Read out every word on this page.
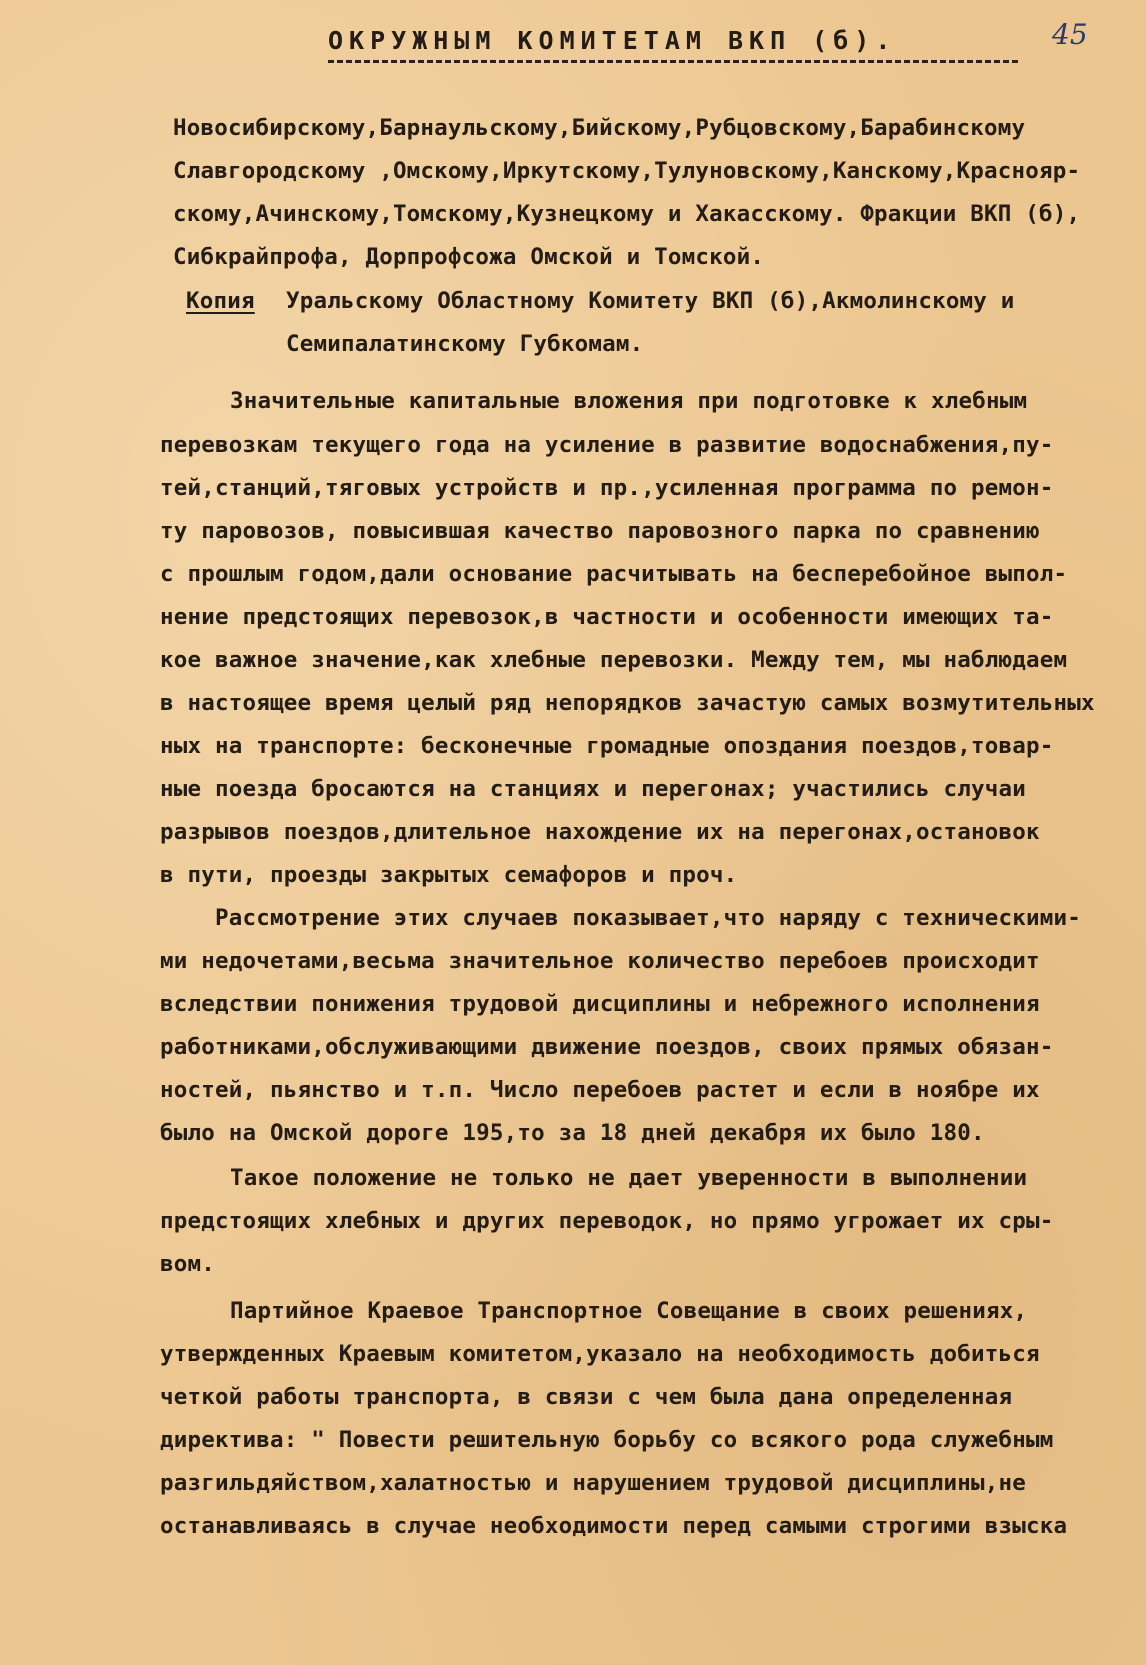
45
ОКРУЖНЫМ КОМИТЕТАМ ВКП (б).
Новосибирскому,Барнаульскому,Бийскому,Рубцовскому,Барабинскому
Славгородскому ,Омскому,Иркутскому,Тулуновскому,Канскому,Краснояр-
скому,Ачинскому,Томскому,Кузнецкому и Хакасскому. Фракции ВКП (б),
Сибкрайпрофа, Дорпрофсожа Омской и Томской.
Копия Уральскому Областному Комитету ВКП (б),Акмолинскому и
Семипалатинскому Губкомам.
Значительные капитальные вложения при подготовке к хлебным
перевозкам текущего года на усиление в развитие водоснабжения,пу-
тей,станций,тяговых устройств и пр.,усиленная программа по ремон-
ту паровозов, повысившая качество паровозного парка по сравнению
с прошлым годом,дали основание расчитывать на бесперебойное выпол-
нение предстоящих перевозок,в частности и особенности имеющих та-
кое важное значение,как хлебные перевозки. Между тем, мы наблюдаем
в настоящее время целый ряд непорядков зачастую самых возмутительных
ных на транспорте: бесконечные громадные опоздания поездов,товар-
ные поезда бросаются на станциях и перегонах; участились случаи
разрывов поездов,длительное нахождение их на перегонах,остановок
в пути, проезды закрытых семафоров и проч.
Рассмотрение этих случаев показывает,что наряду с техническими-
ми недочетами,весьма значительное количество перебоев происходит
вследствии понижения трудовой дисциплины и небрежного исполнения
работниками,обслуживающими движение поездов, своих прямых обязан-
ностей, пьянство и т.п. Число перебоев растет и если в ноябре их
было на Омской дороге 195,то за 18 дней декабря их было 180.
Такое положение не только не дает уверенности в выполнении
предстоящих хлебных и других переводок, но прямо угрожает их сры-
вом.
Партийное Краевое Транспортное Совещание в своих решениях,
утвержденных Краевым комитетом,указало на необходимость добиться
четкой работы транспорта, в связи с чем была дана определенная
директива: " Повести решительную борьбу со всякого рода служебным
разгильдяйством,халатностью и нарушением трудовой дисциплины,не
останавливаясь в случае необходимости перед самыми строгими взыска
